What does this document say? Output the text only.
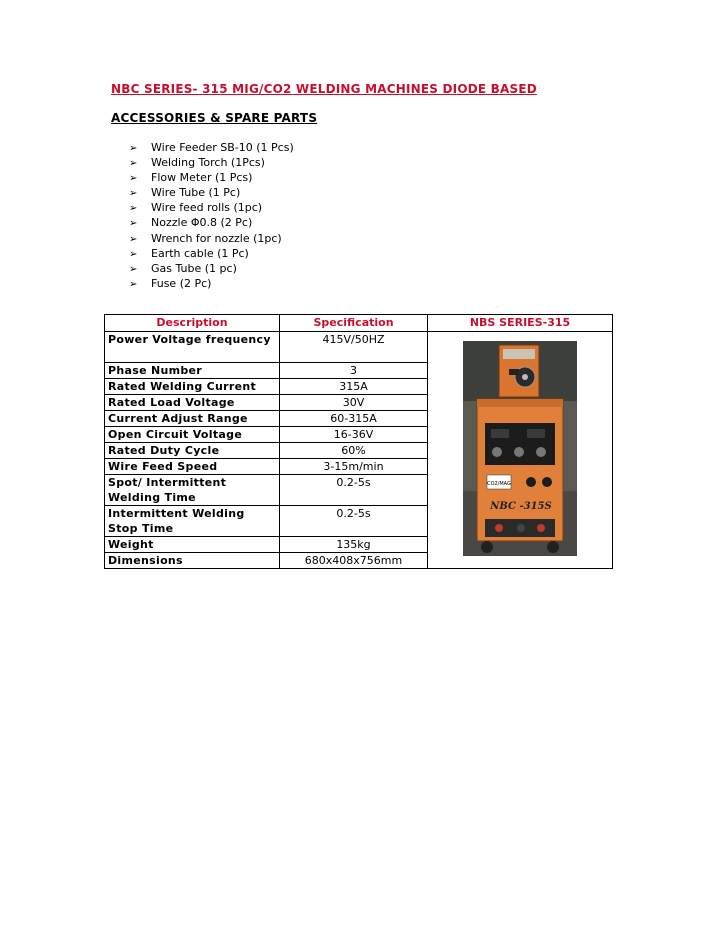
NBC SERIES- 315 MIG/CO2 WELDING MACHINES DIODE BASED
ACCESSORIES & SPARE PARTS
➢ Wire Feeder SB-10 (1 Pcs)
➢ Welding Torch (1Pcs)
➢ Flow Meter (1 Pcs)
➢ Wire Tube (1 Pc)
➢ Wire feed rolls (1pc)
➢ Nozzle Φ0.8 (2 Pc)
➢ Wrench for nozzle (1pc)
➢ Earth cable (1 Pc)
➢ Gas Tube (1 pc)
➢ Fuse (2 Pc)
Description	Specification	NBS SERIES-315
Power Voltage frequency	415V/50HZ	CO2/MAG
NBC -315S

Phase Number	3	
Rated Welding Current	315A	
Rated Load Voltage	30V	
Current Adjust Range	60-315A	
Open Circuit Voltage	16-36V	
Rated Duty Cycle	60%	
Wire Feed Speed	3-15m/min	
Spot/ Intermittent Welding Time	0.2-5s	
Intermittent Welding Stop Time	0.2-5s	
Weight	135kg	
Dimensions	680x408x756mm	
